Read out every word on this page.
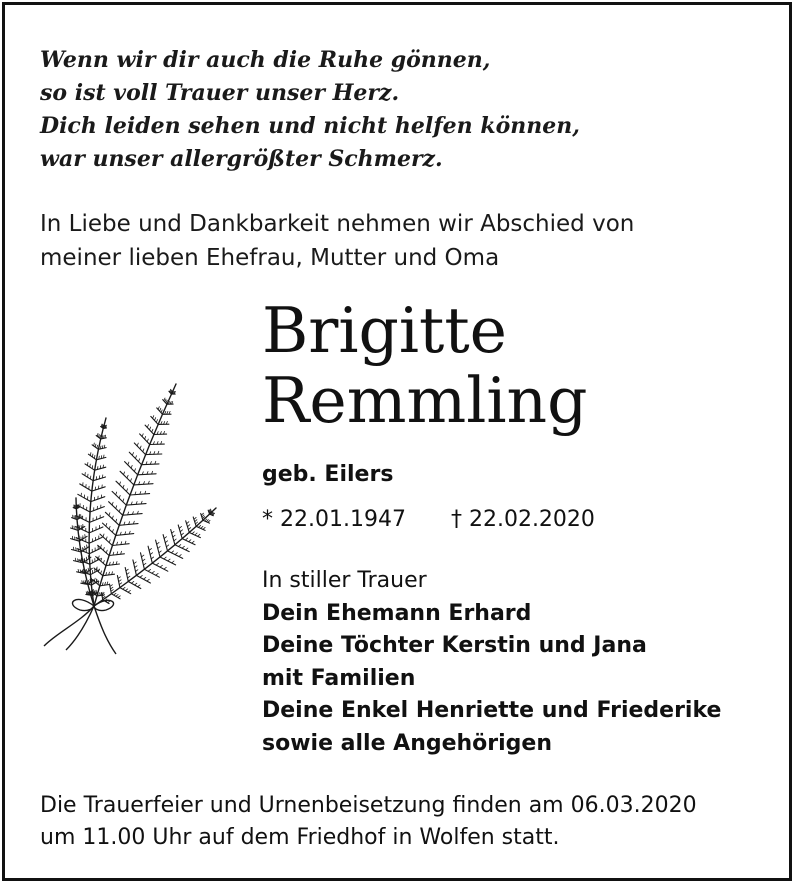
Wenn wir dir auch die Ruhe gönnen,
so ist voll Trauer unser Herz.
Dich leiden sehen und nicht helfen können,
war unser allergrößter Schmerz.
In Liebe und Dankbarkeit nehmen wir Abschied von
meiner lieben Ehefrau, Mutter und Oma
Brigitte
Remmling
geb. Eilers
* 22.01.1947 † 22.02.2020
In stiller Trauer
Dein Ehemann Erhard
Deine Töchter Kerstin und Jana
mit Familien
Deine Enkel Henriette und Friederike
sowie alle Angehörigen
Die Trauerfeier und Urnenbeisetzung finden am 06.03.2020
um 11.00 Uhr auf dem Friedhof in Wolfen statt.
